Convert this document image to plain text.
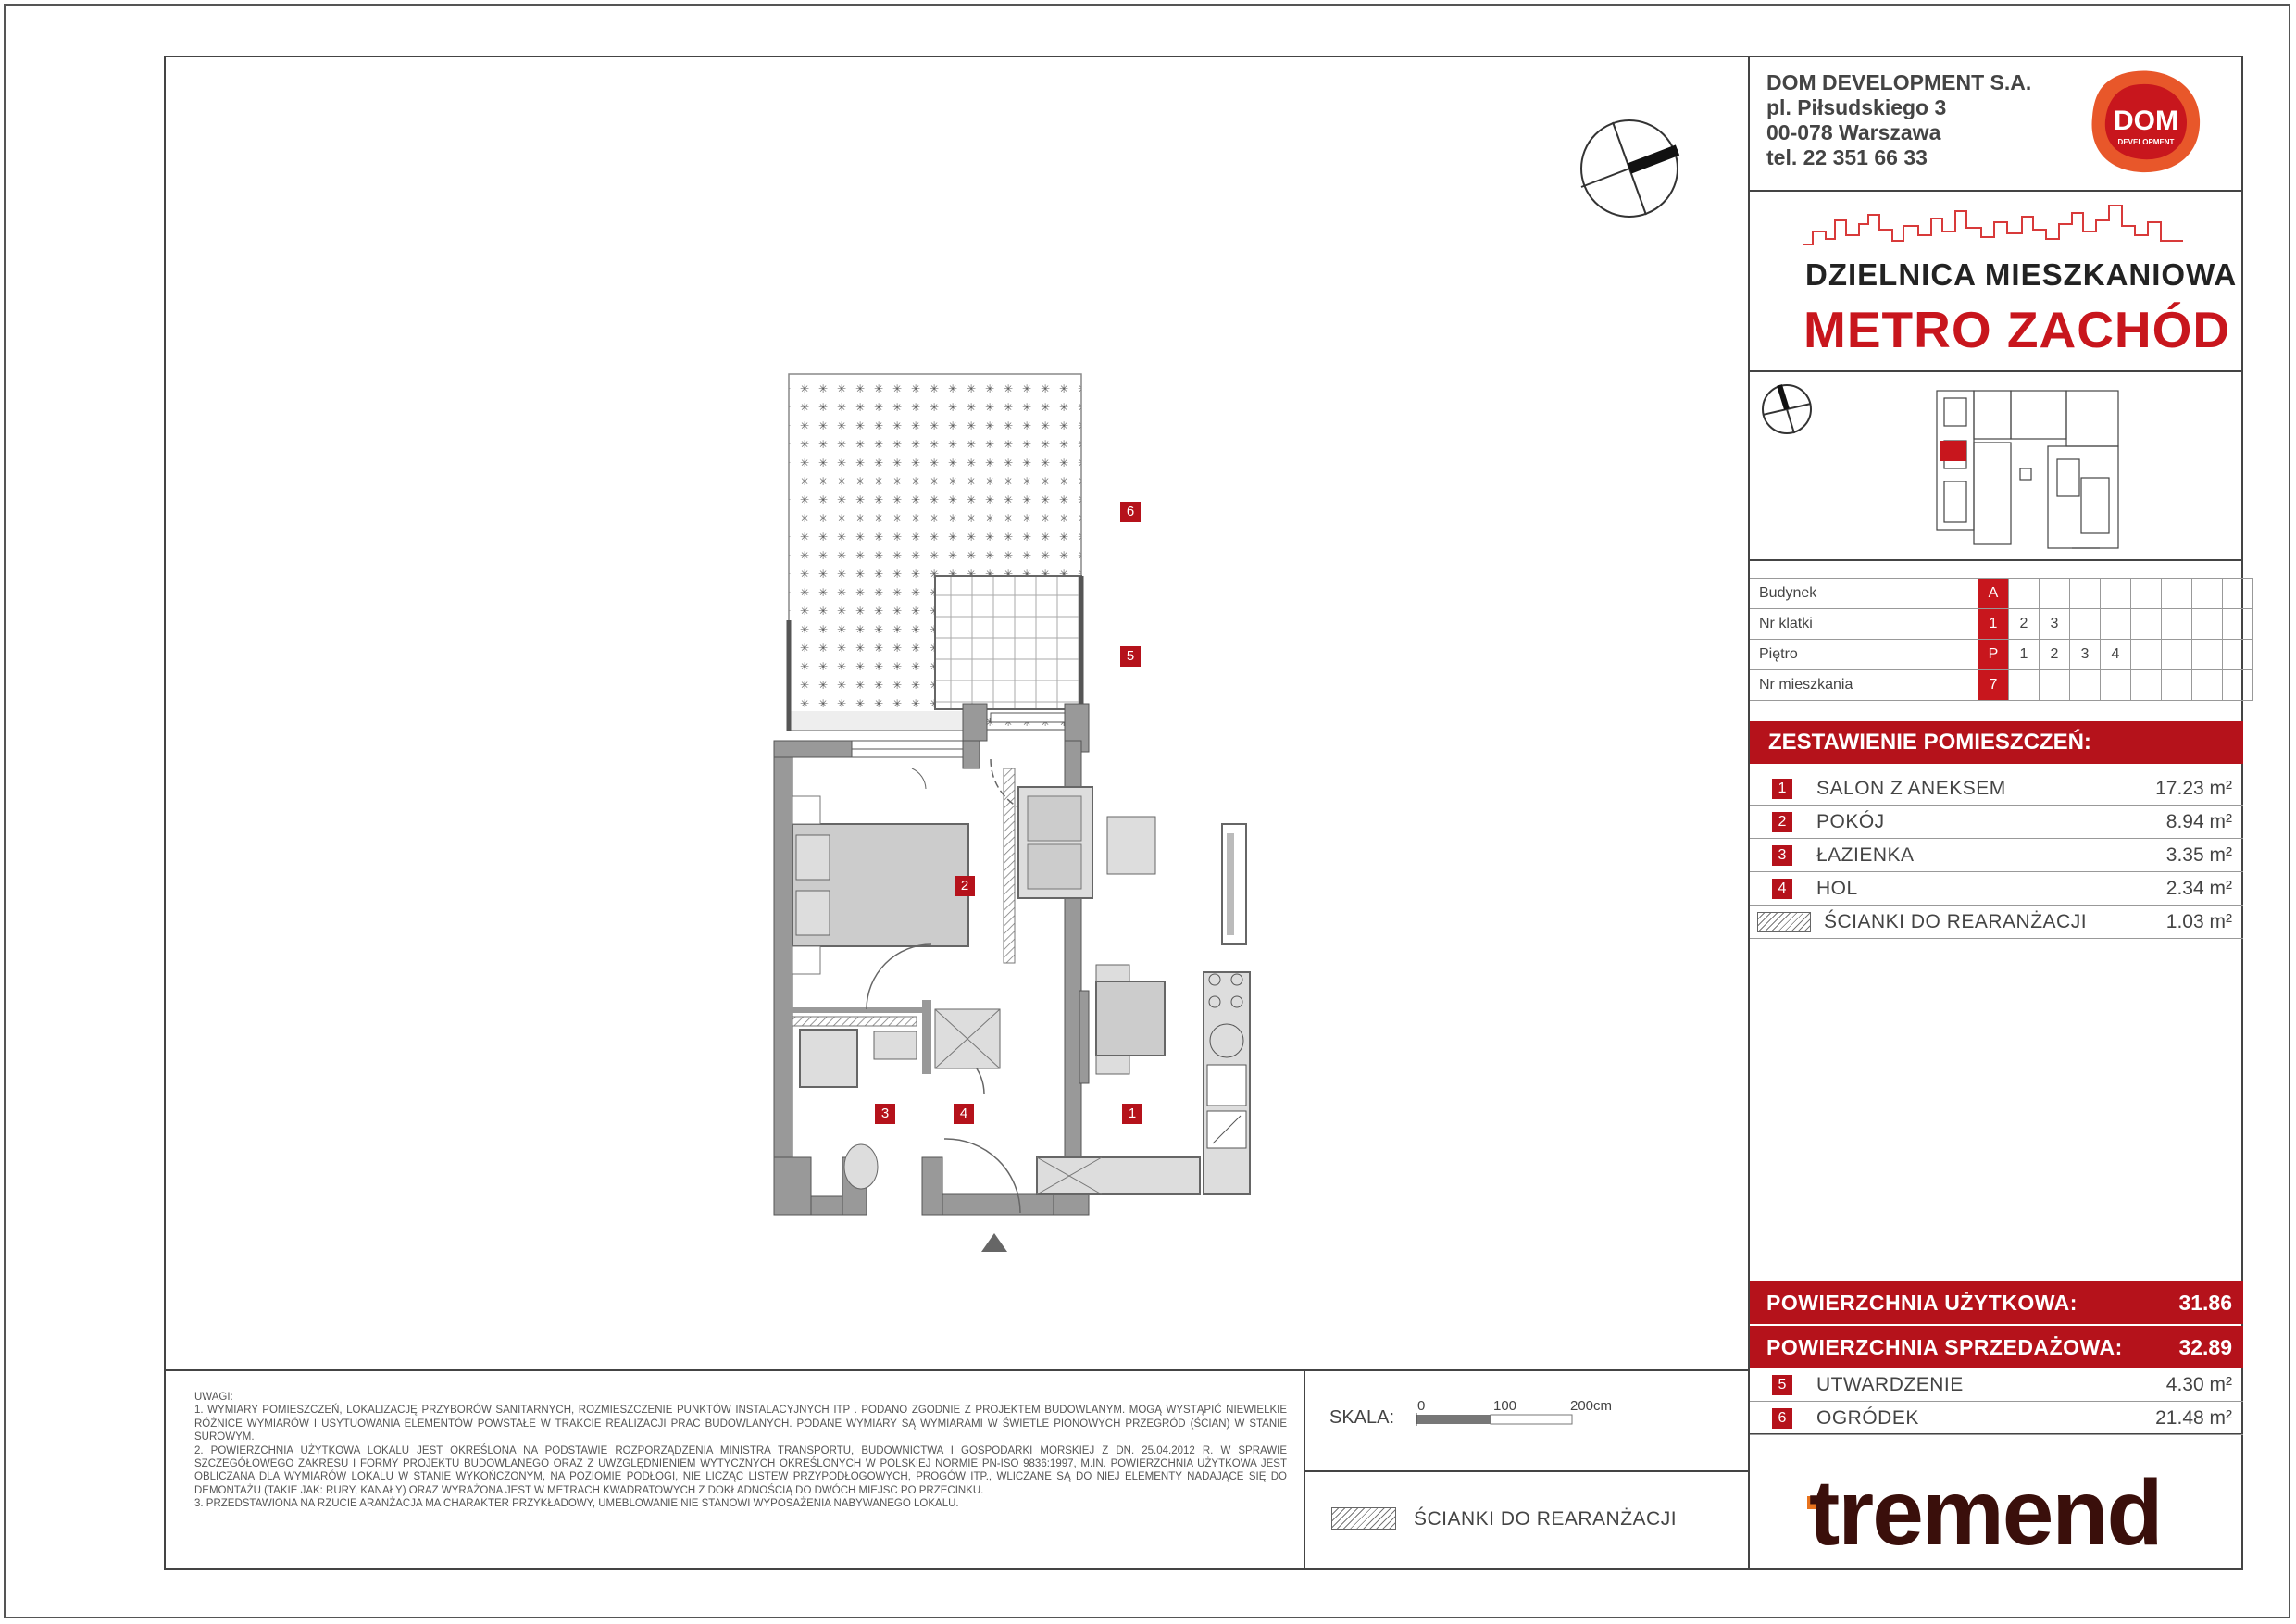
DOM DEVELOPMENT S.A.
pl. Piłsudskiego 3
00-078 Warszawa
tel. 22 351 66 33
DOM
DEVELOPMENT
DZIELNICA MIESZKANIOWA
METRO ZACHÓD
Budynek	A								
Nr klatki	1	2	3						
Piętro	P	1	2	3	4				
Nr mieszkania	7								
ZESTAWIENIE POMIESZCZEŃ:
1	SALON Z ANEKSEM	17.23 m²
2	POKÓJ	8.94 m²
3	ŁAZIENKA	3.35 m²
4	HOL	2.34 m²
ŚCIANKI DO REARANŻACJI	1.03 m²
POWIERZCHNIA UŻYTKOWA:	31.86
POWIERZCHNIA SPRZEDAŻOWA:	32.89
5	UTWARDZENIE	4.30 m²
6	OGRÓDEK	21.48 m²
6
5
2
3	4	1
UWAGI:
1. WYMIARY POMIESZCZEŃ, LOKALIZACJĘ PRZYBORÓW SANITARNYCH, ROZMIESZCZENIE PUNKTÓW INSTALACYJNYCH ITP . PODANO ZGODNIE Z PROJEKTEM BUDOWLANYM. MOGĄ WYSTĄPIĆ NIEWIELKIE RÓŻNICE WYMIARÓW I USYTUOWANIA ELEMENTÓW POWSTAŁE W TRAKCIE REALIZACJI PRAC BUDOWLANYCH. PODANE WYMIARY SĄ WYMIARAMI W ŚWIETLE PIONOWYCH PRZEGRÓD (ŚCIAN) W STANIE SUROWYM.
2. POWIERZCHNIA UŻYTKOWA LOKALU JEST OKREŚLONA NA PODSTAWIE ROZPORZĄDZENIA MINISTRA TRANSPORTU, BUDOWNICTWA I GOSPODARKI MORSKIEJ Z DN. 25.04.2012 R. W SPRAWIE SZCZEGÓŁOWEGO ZAKRESU I FORMY PROJEKTU BUDOWLANEGO ORAZ Z UWZGLĘDNIENIEM WYTYCZNYCH OKREŚLONYCH W POLSKIEJ NORMIE PN-ISO 9836:1997, M.IN. POWIERZCHNIA UŻYTKOWA JEST OBLICZANA DLA WYMIARÓW LOKALU W STANIE WYKOŃCZONYM, NA POZIOMIE PODŁOGI, NIE LICZĄC LISTEW PRZYPODŁOGOWYCH, PROGÓW ITP., WLICZANE SĄ DO NIEJ ELEMENTY NADAJĄCE SIĘ DO DEMONTAŻU (TAKIE JAK: RURY, KANAŁY) ORAZ WYRAŻONA JEST W METRACH KWADRATOWYCH Z DOKŁADNOŚCIĄ DO DWÓCH MIEJSC PO PRZECINKU.
3. PRZEDSTAWIONA NA RZUCIE ARANŻACJA MA CHARAKTER PRZYKŁADOWY, UMEBLOWANIE NIE STANOWI WYPOSAŻENIA NABYWANEGO LOKALU.
SKALA:
0	100	200cm
ŚCIANKI DO REARANŻACJI tremend
